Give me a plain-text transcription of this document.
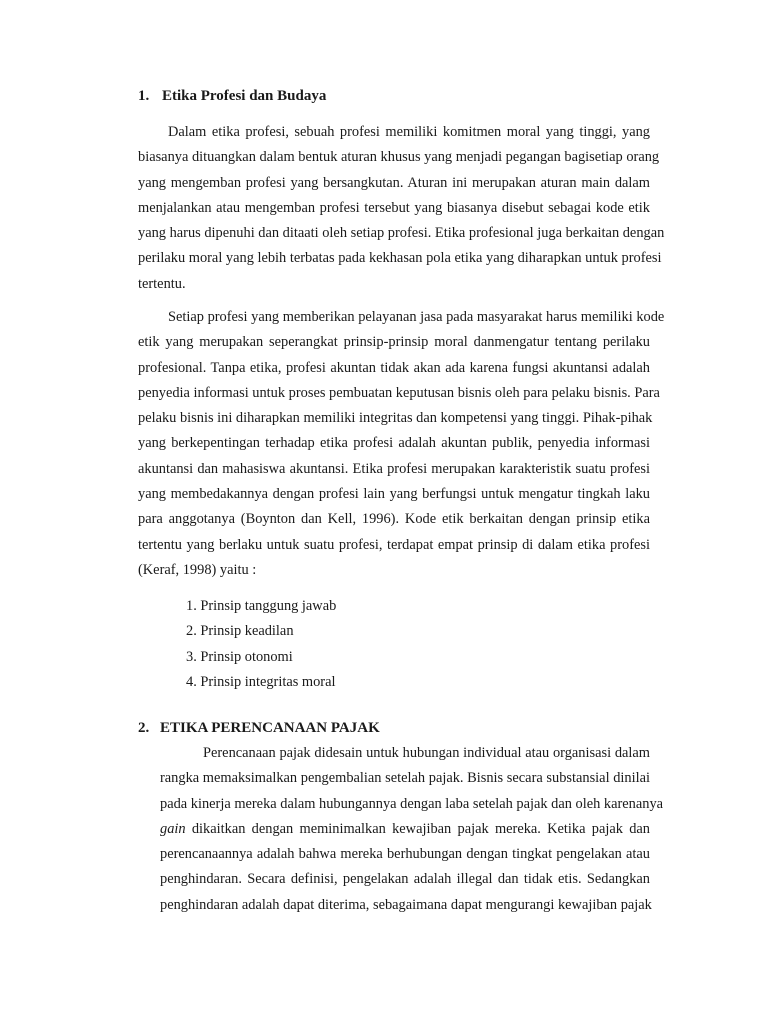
1. Etika Profesi dan Budaya
Dalam etika profesi, sebuah profesi memiliki komitmen moral yang tinggi, yang
biasanya dituangkan dalam bentuk aturan khusus yang menjadi pegangan bagisetiap orang
yang mengemban profesi yang bersangkutan. Aturan ini merupakan aturan main dalam
menjalankan atau mengemban profesi tersebut yang biasanya disebut sebagai kode etik
yang harus dipenuhi dan ditaati oleh setiap profesi. Etika profesional juga berkaitan dengan
perilaku moral yang lebih terbatas pada kekhasan pola etika yang diharapkan untuk profesi
tertentu.
Setiap profesi yang memberikan pelayanan jasa pada masyarakat harus memiliki kode
etik yang merupakan seperangkat prinsip-prinsip moral danmengatur tentang perilaku
profesional. Tanpa etika, profesi akuntan tidak akan ada karena fungsi akuntansi adalah
penyedia informasi untuk proses pembuatan keputusan bisnis oleh para pelaku bisnis. Para
pelaku bisnis ini diharapkan memiliki integritas dan kompetensi yang tinggi. Pihak-pihak
yang berkepentingan terhadap etika profesi adalah akuntan publik, penyedia informasi
akuntansi dan mahasiswa akuntansi. Etika profesi merupakan karakteristik suatu profesi
yang membedakannya dengan profesi lain yang berfungsi untuk mengatur tingkah laku
para anggotanya (Boynton dan Kell, 1996). Kode etik berkaitan dengan prinsip etika
tertentu yang berlaku untuk suatu profesi, terdapat empat prinsip di dalam etika profesi
(Keraf, 1998) yaitu :
1. Prinsip tanggung jawab
2. Prinsip keadilan
3. Prinsip otonomi
4. Prinsip integritas moral
2. ETIKA PERENCANAAN PAJAK
Perencanaan pajak didesain untuk hubungan individual atau organisasi dalam
rangka memaksimalkan pengembalian setelah pajak. Bisnis secara substansial dinilai
pada kinerja mereka dalam hubungannya dengan laba setelah pajak dan oleh karenanya
gain dikaitkan dengan meminimalkan kewajiban pajak mereka. Ketika pajak dan
perencanaannya adalah bahwa mereka berhubungan dengan tingkat pengelakan atau
penghindaran. Secara definisi, pengelakan adalah illegal dan tidak etis. Sedangkan
penghindaran adalah dapat diterima, sebagaimana dapat mengurangi kewajiban pajak
